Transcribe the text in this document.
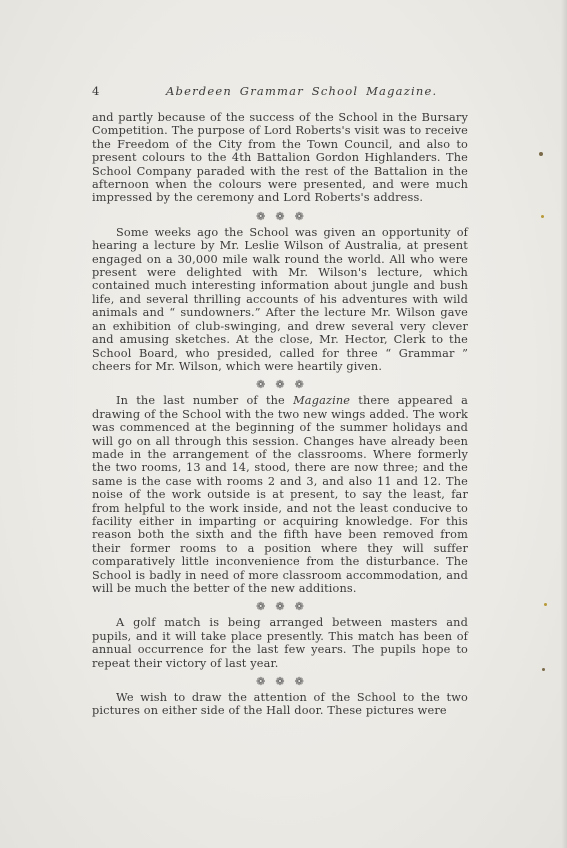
4	Aberdeen Grammar School Magazine.

and partly because of the success of the School in the Bursary Competition. The purpose of Lord Roberts's visit was to receive the Freedom of the City from the Town Council, and also to present colours to the 4th Battalion Gordon Highlanders. The School Company paraded with the rest of the Battalion in the afternoon when the colours were presented, and were much impressed by the ceremony and Lord Roberts's address.

❁❁❁

Some weeks ago the School was given an opportunity of hearing a lecture by Mr. Leslie Wilson of Australia, at present engaged on a 30,000 mile walk round the world. All who were present were delighted with Mr. Wilson's lecture, which contained much interesting information about jungle and bush life, and several thrilling accounts of his adventures with wild animals and “ sundowners.” After the lecture Mr. Wilson gave an exhibition of club-swinging, and drew several very clever and amusing sketches. At the close, Mr. Hector, Clerk to the School Board, who presided, called for three “ Grammar ” cheers for Mr. Wilson, which were heartily given.

❁❁❁

In the last number of the Magazine there appeared a drawing of the School with the two new wings added. The work was commenced at the beginning of the summer holidays and will go on all through this session. Changes have already been made in the arrangement of the classrooms. Where formerly the two rooms, 13 and 14, stood, there are now three; and the same is the case with rooms 2 and 3, and also 11 and 12. The noise of the work outside is at present, to say the least, far from helpful to the work inside, and not the least conducive to facility either in imparting or acquiring knowledge. For this reason both the sixth and the fifth have been removed from their former rooms to a position where they will suffer comparatively little inconvenience from the disturbance. The School is badly in need of more classroom accommodation, and will be much the better of the new additions.

❁❁❁

A golf match is being arranged between masters and pupils, and it will take place presently. This match has been of annual occurrence for the last few years. The pupils hope to repeat their victory of last year.

❁❁❁

We wish to draw the attention of the School to the two pictures on either side of the Hall door. These pictures were
